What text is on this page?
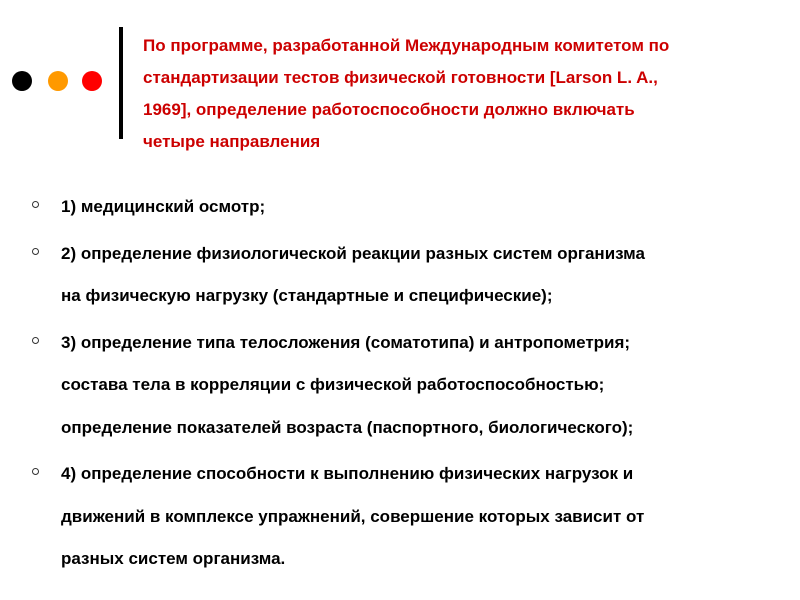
По программе, разработанной Международным комитетом по
стандартизации тестов физической готовности [Larson L. A.,
1969], определение работоспособности должно включать
четыре направления
1) медицинский осмотр;
2) определение физиологической реакции разных систем организма
на физическую нагрузку (стандартные и специфические);
3) определение типа телосложения (соматотипа) и антропометрия;
состава тела в корреляции с физической работоспособностью;
определение показателей возраста (паспортного, биологического);
4) определение способности к выполнению физических нагрузок и
движений в комплексе упражнений, совершение которых зависит от
разных систем организма.
